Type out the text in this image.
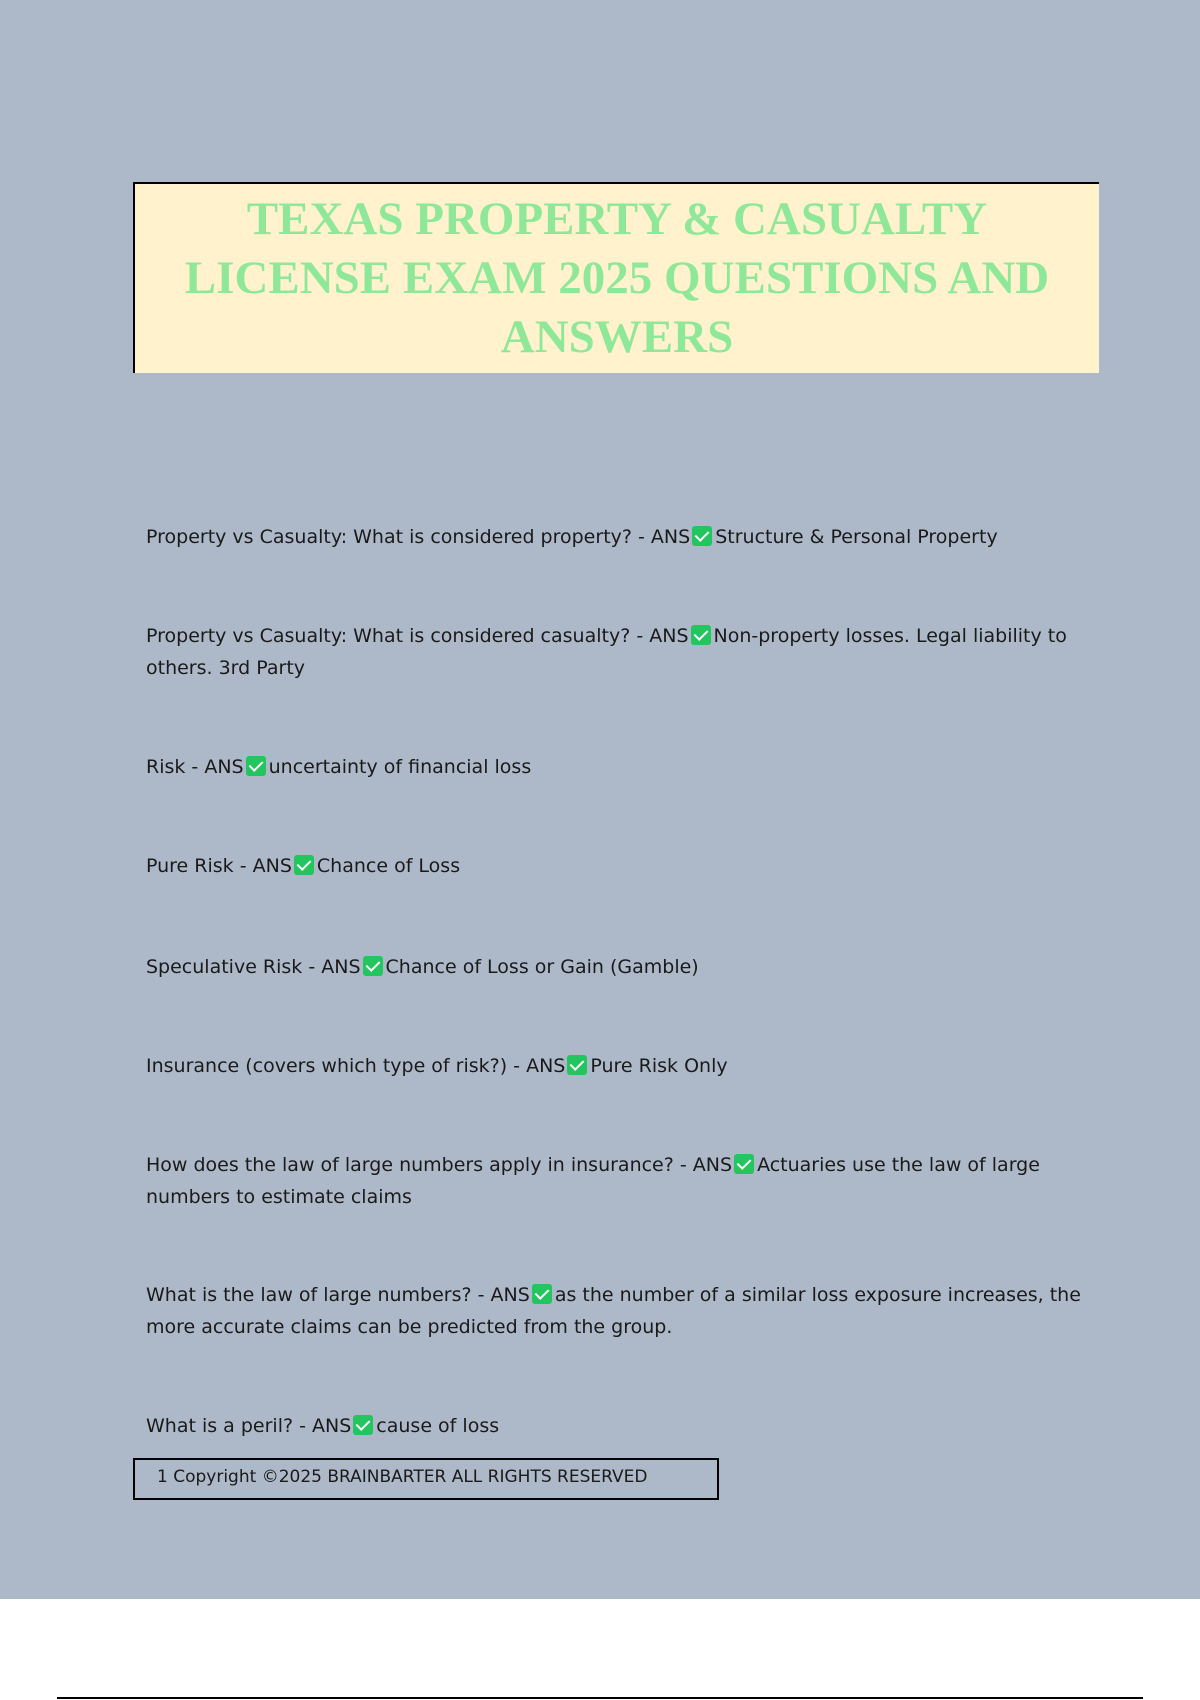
TEXAS PROPERTY & CASUALTY LICENSE EXAM 2025 QUESTIONS AND ANSWERS
Property vs Casualty: What is considered property? - ANS Structure & Personal Property
Property vs Casualty: What is considered casualty? - ANS Non-property losses. Legal liability to others. 3rd Party
Risk - ANS uncertainty of financial loss
Pure Risk - ANS Chance of Loss
Speculative Risk - ANS Chance of Loss or Gain (Gamble)
Insurance (covers which type of risk?) - ANS Pure Risk Only
How does the law of large numbers apply in insurance? - ANS Actuaries use the law of large numbers to estimate claims
What is the law of large numbers? - ANS as the number of a similar loss exposure increases, the more accurate claims can be predicted from the group.
What is a peril? - ANS cause of loss
1 Copyright ©2025 BRAINBARTER ALL RIGHTS RESERVED
